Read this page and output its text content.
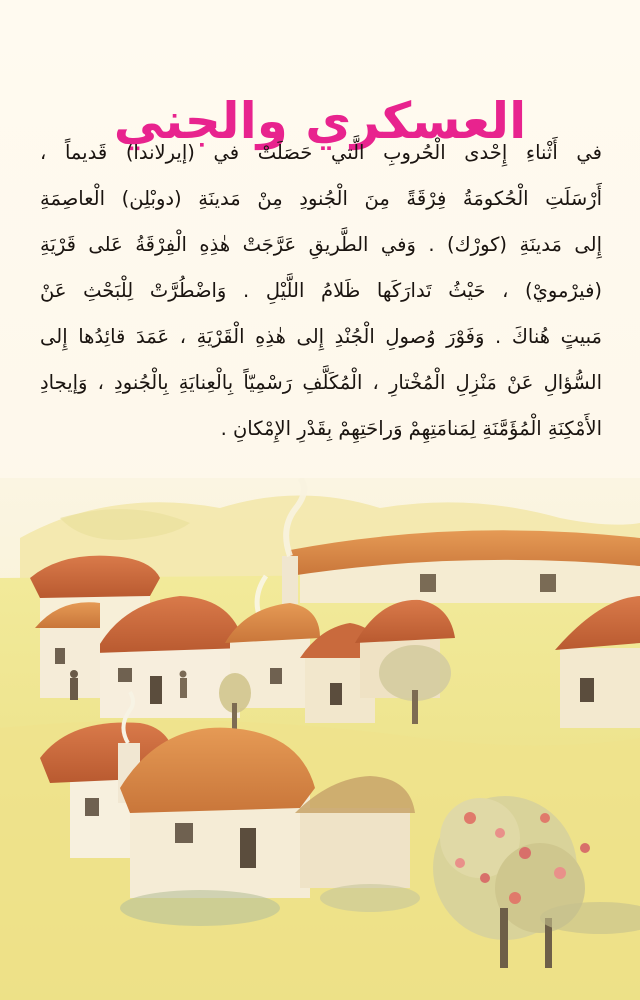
العسكري والجني
في أَثْناءِ إِحْدى الْحُروبِ الَّتي حَصَلَتْ في (إيرلاندا) قَديماً ،
أَرْسَلَتِ الْحُكومَةُ فِرْقَةً مِنَ الْجُنودِ مِنْ مَدينَةِ (دوبْلِن) الْعاصِمَةِ
إِلى مَدينَةِ (كورْك) . وَفي الطَّريقِ عَرَّجَتْ هٰذِهِ الْفِرْقَةُ عَلى قَرْيَةِ
(فيرْمويْ) ، حَيْثُ تَدارَكَها ظَلامُ اللَّيْلِ . وَاضْطُرَّتْ لِلْبَحْثِ عَنْ
مَبيتٍ هُناكَ . وَفَوْرَ وُصولِ الْجُنْدِ إِلى هٰذِهِ الْقَرْيَةِ ، عَمَدَ قائِدُها إِلى
السُّؤالِ عَنْ مَنْزِلِ الْمُخْتارِ ، الْمُكَلَّفِ رَسْمِيّاً بِالْعِنايَةِ بِالْجُنودِ ، وَإيجادِ
الأَمْكِنَةِ الْمُؤَمَّنَةِ لِمَنامَتِهِمْ وَراحَتِهِمْ بِقَدْرِ الإِمْكانِ .
